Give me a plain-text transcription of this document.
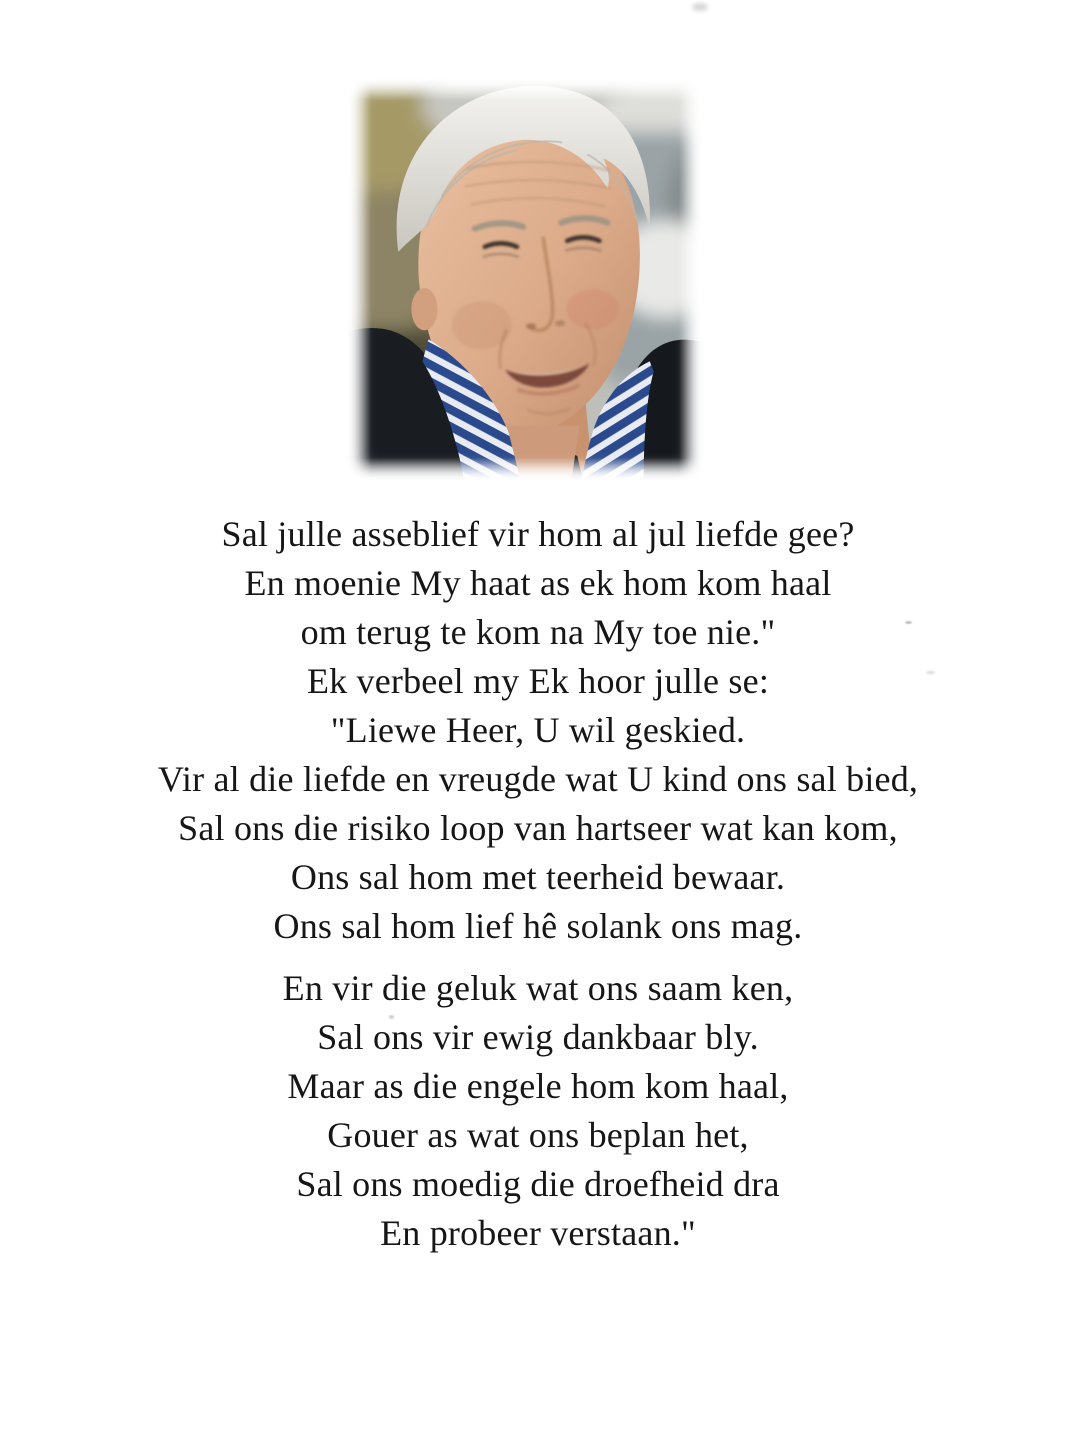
Sal julle asseblief vir hom al jul liefde gee?
En moenie My haat as ek hom kom haal
om terug te kom na My toe nie."
Ek verbeel my Ek hoor julle se:
"Liewe Heer, U wil geskied.
Vir al die liefde en vreugde wat U kind ons sal bied,
Sal ons die risiko loop van hartseer wat kan kom,
Ons sal hom met teerheid bewaar.
Ons sal hom lief hê solank ons mag.
En vir die geluk wat ons saam ken,
Sal ons vir ewig dankbaar bly.
Maar as die engele hom kom haal,
Gouer as wat ons beplan het,
Sal ons moedig die droefheid dra
En probeer verstaan."
